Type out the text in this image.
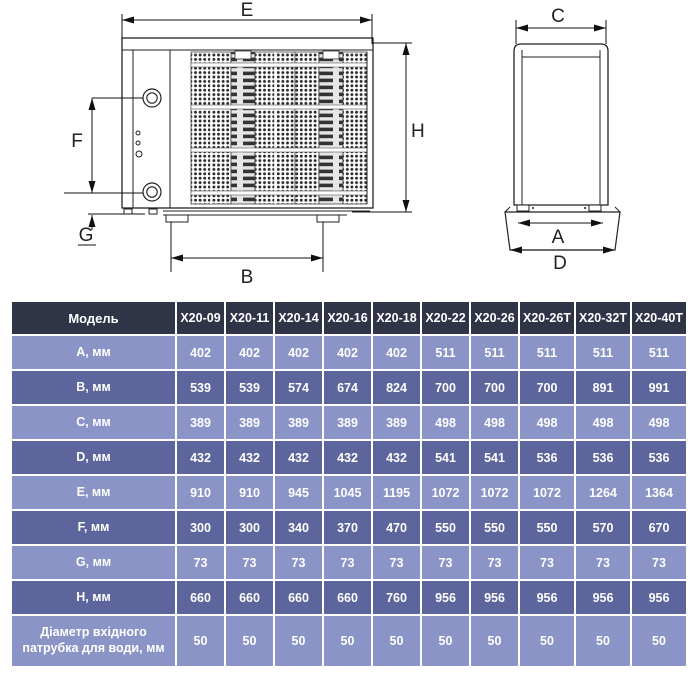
E
H
F
G
B
C
A
D
Модель	X20-09	X20-11	X20-14	X20-16	X20-18	X20-22	X20-26	X20-26T	X20-32T	X20-40T
A, мм	402	402	402	402	402	511	511	511	511	511
B, мм	539	539	574	674	824	700	700	700	891	991
C, мм	389	389	389	389	389	498	498	498	498	498
D, мм	432	432	432	432	432	541	541	536	536	536
E, мм	910	910	945	1045	1195	1072	1072	1072	1264	1364
F, мм	300	300	340	370	470	550	550	550	570	670
G, мм	73	73	73	73	73	73	73	73	73	73
H, мм	660	660	660	660	760	956	956	956	956	956
Діаметр вхідного патрубка для води, мм	50	50	50	50	50	50	50	50	50	50
